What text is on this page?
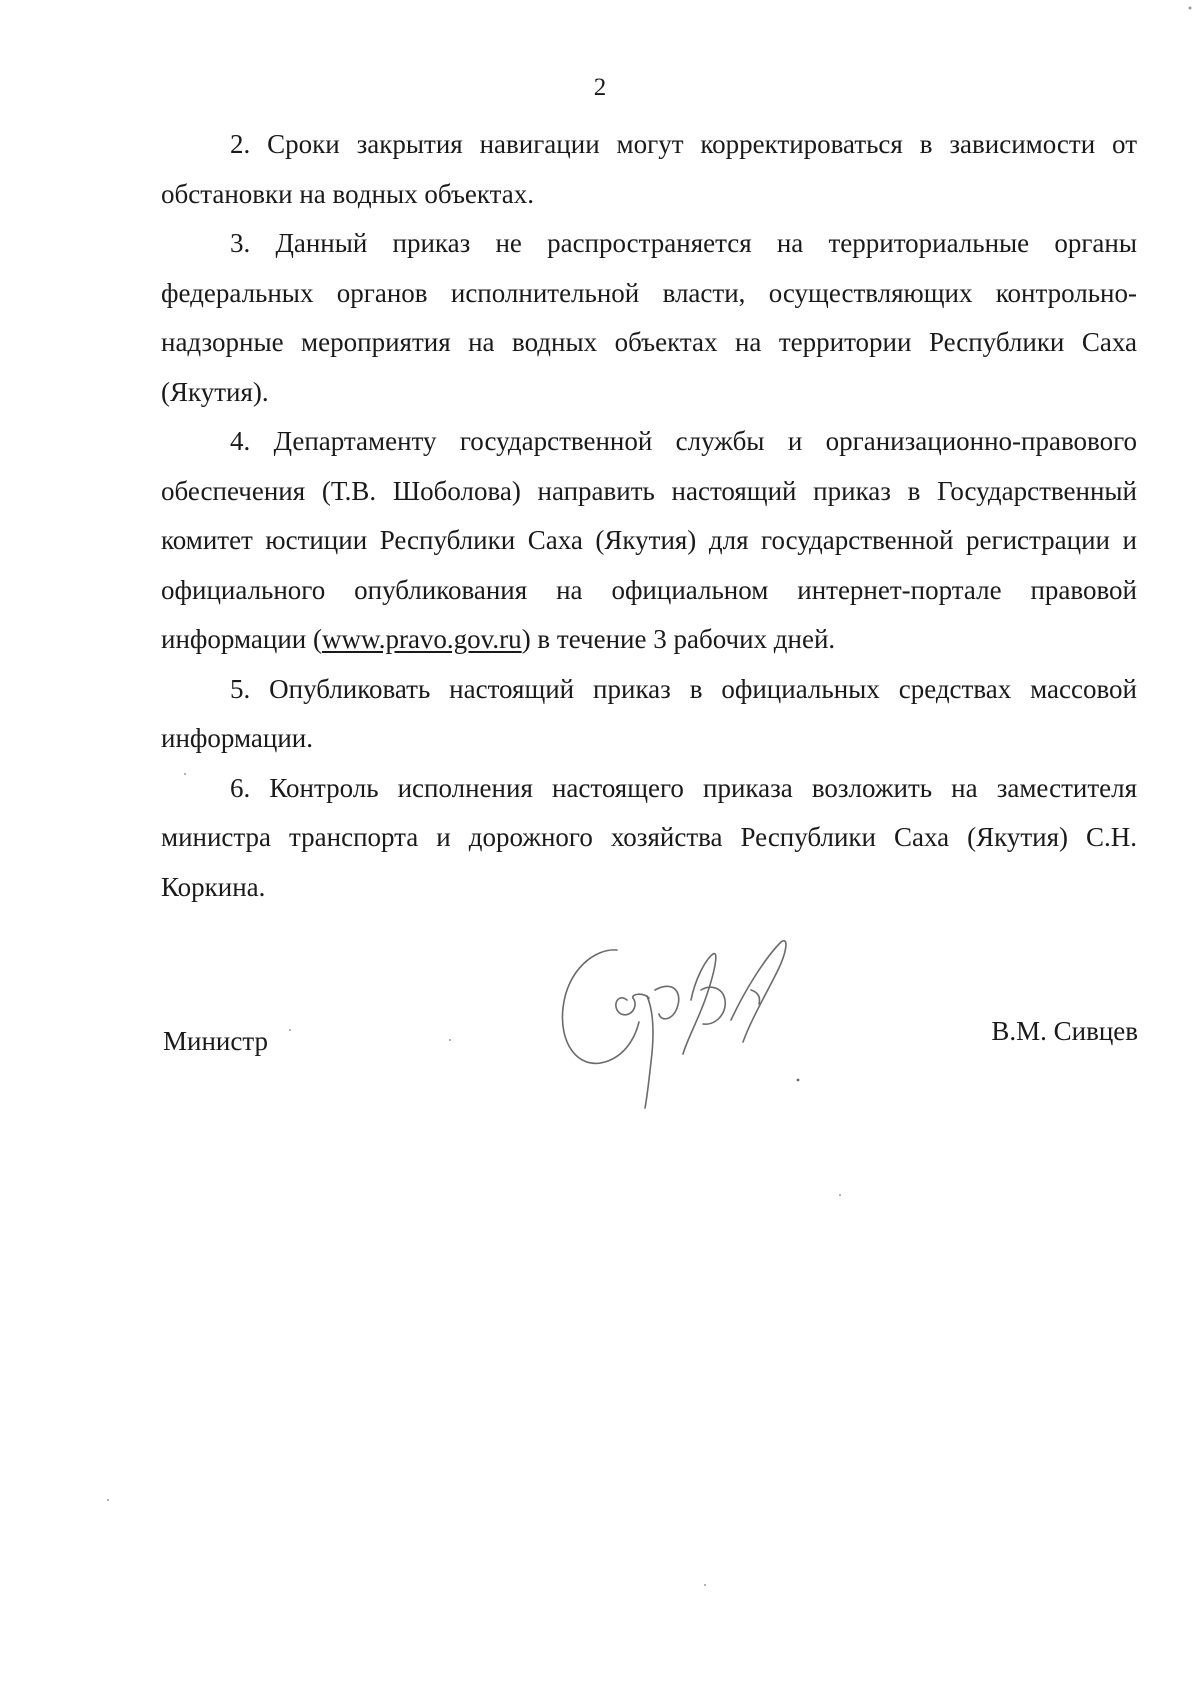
2

2. Сроки закрытия навигации могут корректироваться в зависимости от обстановки на водных объектах.

3. Данный приказ не распространяется на территориальные органы федеральных органов исполнительной власти, осуществляющих контрольно-надзорные мероприятия на водных объектах на территории Республики Саха (Якутия).

4. Департаменту государственной службы и организационно-правового обеспечения (Т.В. Шоболова) направить настоящий приказ в Государственный комитет юстиции Республики Саха (Якутия) для государственной регистрации и официального опубликования на официальном интернет-портале правовой информации (www.pravo.gov.ru) в течение 3 рабочих дней.

5. Опубликовать настоящий приказ в официальных средствах массовой информации.

6. Контроль исполнения настоящего приказа возложить на заместителя министра транспорта и дорожного хозяйства Республики Саха (Якутия) С.Н. Коркина.

Министр	В.М. Сивцев
